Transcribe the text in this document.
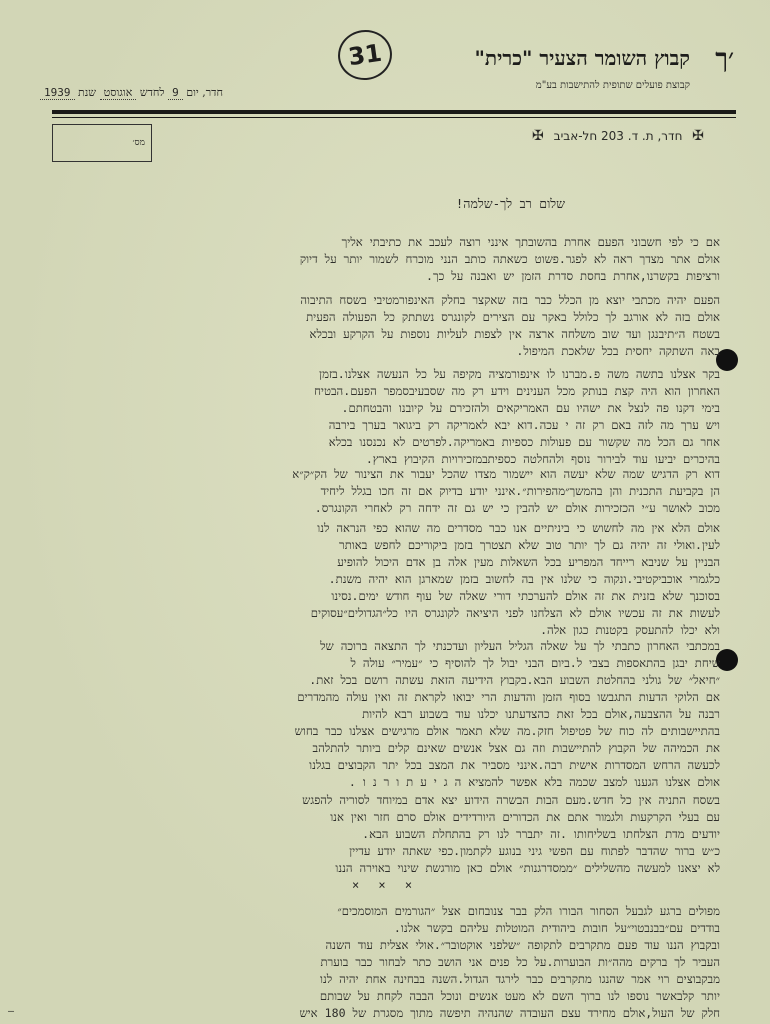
31	׳ך
קבוץ השומר הצעיר "כרית"
קבוצת פועלים שתופית להתישבות בע"מ
חדר, יום 9 לחדש אוגוסט שנת 1939
מס׳	✠ חדר, ת. ד. 203 חל-אביב ✠
שלום רב לך-שלמה!

אם כי לפי חשבוני הפעם אחרת בהשובתך אינני רוצה לעכב את כתיבתי אליך

אולם אתר מצדך ראה לא לפגר.פשוט כשאתה כותב הנני מוכרח לשמור יותר על דיוק

ורציפות בקשרנו,אחרת בחסת סדרת הזמן יש ואבנה על כך.

הפעם יהיה מכתבי יוצא מן הכלל כבר בזה שאקצר בחלק האינפורמטיבי בשסח התיבוה

אולם בזה לא אורגב לך כלולל באקר עם הצירים לקונגרס נשתתק כל הפעולה הפעית

בשטח ה״תיבנגן ועד שוב משלחה ארצה אין לצפות לעליות נוספות על הקרקע ובכלא

באה השתקה יחסית בכל שלאכת המיפול.

בקר אצלנו בתשה משה פ.מברנו לו אינפורמציה מקיפה על כל הנעשה אצלנו.בזמן

האחרון הוא היה קצת בנותק מכל הענינים וידע רק מה שסבעיבסמפר הפעם.הבטיח

בימי דקנו פה לנצל את ישהיו עם האמריקאים ולהזכירם על קיובנו והבטחתם.

ויש ערך מה לזה באם רק זה י עכה.דוא יבא לאמריקה רק ביגואר בערך בירבה

אחר גם הכל מה שקשור עם פעולות כספיות באמריקה.לפרטים לא נכנסנו בכלא

בהיכרים יביעו עוד לבירור נוסף ולהחלטה כספיתבמזכירויות הקיבוץ בארץ.

דוא רק הדגיש שמה שלא יעשה הוא יישמור מצדו שהכל יעבור את הצינור של הק״ק״א

הן בקביעת התכנית והן בהמשך״מהפירות״.אינני יודע בדיוק אם זה חכו בגלל ליחיד

מכוב לאושר ע״י הכזכירות אולם יש להבין כי יש גם זה ידחה רק לאחרי הקונגרס.

אולם הלא אין מה לחשוש כי ביניתיים אנו כבר מסדרים מה שהוא כפי הנראה לנו

לעין.ואולי זה יהיה גם לך יותר טוב שלא תצטרך בזמן ביקוריכם לחפש באותר

הבניין על שניבא רייחד המפריע בכל השאלות מעין אלה בן אדם היכול להופיע

כלגמרי אוכביקטיבי.ונקוה כי שלנו אין בה לחשוב בזמן שמארגן הוא יהיה משנת.

בסוכנך שלא בזנית את זה אולם להערכתי דורי שאלה של עוף חודש ימים.נסינו

לעשות את זה עכשיו אולם לא הצלחנו לפני היציאה לקונגרס היו כל״הגדולים״עסוקים

ולא יכלו להתעסק בקטנות כגון אלה.

במכתבי האחרון כתבתי לך על שאלה הגליל העליון ועדכנתי לך התצאה ברוכה של

שיחת יבגן בהתאספות בצבי ל.ביום הבני יבול לך להוסיף כי ״עמיר״ עולה ל

״חיאל״ של גולני בהחלטת השבוע הבא.בקבוץ הידיעה הזאת עשתה רושם בכל זאת.

אם הלוקי הדעות התגבשו בסוף הזמן והדעות הרי יבואו לקראת זה ואין עולה מהמדרים

רבנה על ההצבעה,אולם בכל זאת כהצדעתנו יכלנו עוד בשבוע רבא להיות

בהתיישבותים לה כוח של פטיפול חזק.מה שלא תאמר אולם מרגישים אצלנו כבר בחוש

את הכמיהה של הקבוץ להתיישבות וזה גם אצל אנשים שאינם קלים ביותר להתלהב

לכעשה הרחש המסדרות אישית רבה.אינני מסביר את המצב בכל יתר הקבוצים בגלנו

אולם אצלנו הגענו למצב שכמה בלא אפשר להמציא ה ג י ע ת ו ר נ ו .

בשסח התניה אין כל חדש.מעם הבות הבשרה הידוע יצא אדם במיוחד לסוריה להפגש

עם בעלי הקרקעות ולגמור אתם את הכדורים היורדידים אולם סרם חזר ואין אנו

יודעים מדת הצלחתו בשליחותו .זה יתברר לנו רק בהתחלת השבוע הבא.

כ״ש ברור שהדבר לפתוח עם הפשי גיני בנוגע לקתמון.כפי שאתה יודע עדיין

לא יצאנו למעשה מהשלילים ״ממסדרגנות״ אולם כאן מורגשת שינוי באוירה הננו

× × ×

מפולים ברגע לגבעל הסחור הבורו הלק בבר צנובחום אצל ״הגורמים המוסמכים״

בודדים עם״בבנבטוי״על חובות ביהודית המוטלות עליהם בקשר אלנו.

ובקבוץ הננו עוד פעם מתקרבים לתקופה ״שלפני אוקטובר״.אולי אצלית עוד השנה

העביר לך ברקים מהה״ות הבוערות.על כל פנים אני הושב כתר לבחור כבר בוערת

מבקבוצים רוי אמר שהנגו מתקרבים כבר לירגד הגדול.השנה בבחינה אחת יהיה לנו

יותר קלבאשר נוספו לנו ברוך השם לא מעט אנשים ונוכל הבבה לקחת על שבותם

חלק של העול,אולם מחירד עצם העובדה שהנהיה תיפשה מתוך מסגרת של 180 איש

—
